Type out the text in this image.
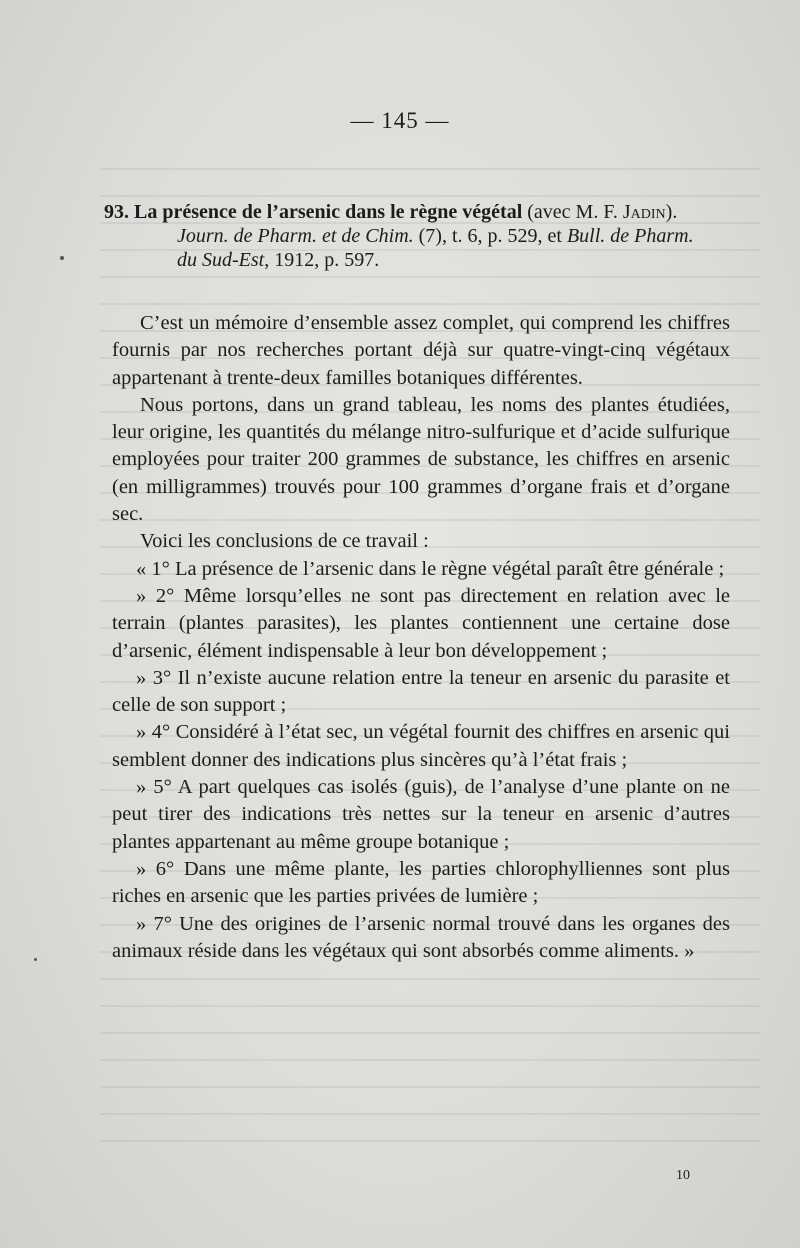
— 145 —
93. La présence de l’arsenic dans le règne végétal (avec M. F. Jadin).
Journ. de Pharm. et de Chim. (7), t. 6, p. 529, et Bull. de Pharm.
du Sud-Est, 1912, p. 597.

C’est un mémoire d’ensemble assez complet, qui comprend les chiffres fournis par nos recherches portant déjà sur quatre-vingt-cinq végétaux appartenant à trente-deux familles botaniques différentes.

Nous portons, dans un grand tableau, les noms des plantes étudiées, leur origine, les quantités du mélange nitro-sulfurique et d’acide sulfurique employées pour traiter 200 grammes de substance, les chiffres en arsenic (en milligrammes) trouvés pour 100 grammes d’organe frais et d’organe sec.

Voici les conclusions de ce travail :

« 1° La présence de l’arsenic dans le règne végétal paraît être générale ;

» 2° Même lorsqu’elles ne sont pas directement en relation avec le terrain (plantes parasites), les plantes contiennent une certaine dose d’arsenic, élément indispensable à leur bon développement ;

» 3° Il n’existe aucune relation entre la teneur en arsenic du parasite et celle de son support ;

» 4° Considéré à l’état sec, un végétal fournit des chiffres en arsenic qui semblent donner des indications plus sincères qu’à l’état frais ;

» 5° A part quelques cas isolés (guis), de l’analyse d’une plante on ne peut tirer des indications très nettes sur la teneur en arsenic d’autres plantes appartenant au même groupe botanique ;

» 6° Dans une même plante, les parties chlorophylliennes sont plus riches en arsenic que les parties privées de lumière ;

» 7° Une des origines de l’arsenic normal trouvé dans les organes des animaux réside dans les végétaux qui sont absorbés comme aliments. »

10
